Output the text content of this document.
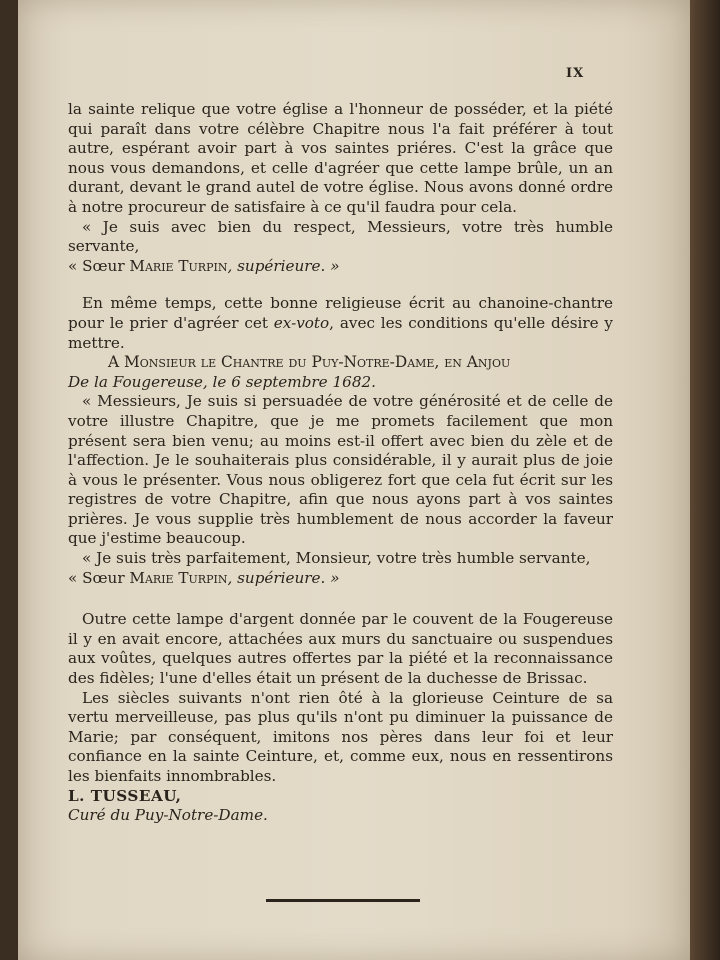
IX

la sainte relique que votre église a l'honneur de posséder, et la piété qui paraît dans votre célèbre Chapitre nous l'a fait préférer à tout autre, espérant avoir part à vos saintes priéres. C'est la grâce que nous vous demandons, et celle d'agréer que cette lampe brûle, un an durant, devant le grand autel de votre église. Nous avons donné ordre à notre procureur de satisfaire à ce qu'il faudra pour cela.

« Je suis avec bien du respect, Messieurs, votre très humble servante,

« Sœur Marie Turpin, supérieure. »

En même temps, cette bonne religieuse écrit au chanoine-chantre pour le prier d'agréer cet ex-voto, avec les conditions qu'elle désire y mettre.

A Monsieur le Chantre du Puy-Notre-Dame, en Anjou

De la Fougereuse, le 6 septembre 1682.

« Messieurs, Je suis si persuadée de votre générosité et de celle de votre illustre Chapitre, que je me promets facilement que mon présent sera bien venu; au moins est-il offert avec bien du zèle et de l'affection. Je le souhaiterais plus considérable, il y aurait plus de joie à vous le présenter. Vous nous obligerez fort que cela fut écrit sur les registres de votre Chapitre, afin que nous ayons part à vos saintes prières. Je vous supplie très humblement de nous accorder la faveur que j'estime beaucoup.

« Je suis très parfaitement, Monsieur, votre très humble servante,

« Sœur Marie Turpin, supérieure. »

Outre cette lampe d'argent donnée par le couvent de la Fougereuse il y en avait encore, attachées aux murs du sanctuaire ou suspendues aux voûtes, quelques autres offertes par la piété et la reconnaissance des fidèles; l'une d'elles était un présent de la duchesse de Brissac.

Les siècles suivants n'ont rien ôté à la glorieuse Ceinture de sa vertu merveilleuse, pas plus qu'ils n'ont pu diminuer la puissance de Marie; par conséquent, imitons nos pères dans leur foi et leur confiance en la sainte Ceinture, et, comme eux, nous en ressentirons les bienfaits innombrables.

L. TUSSEAU,

Curé du Puy-Notre-Dame.
